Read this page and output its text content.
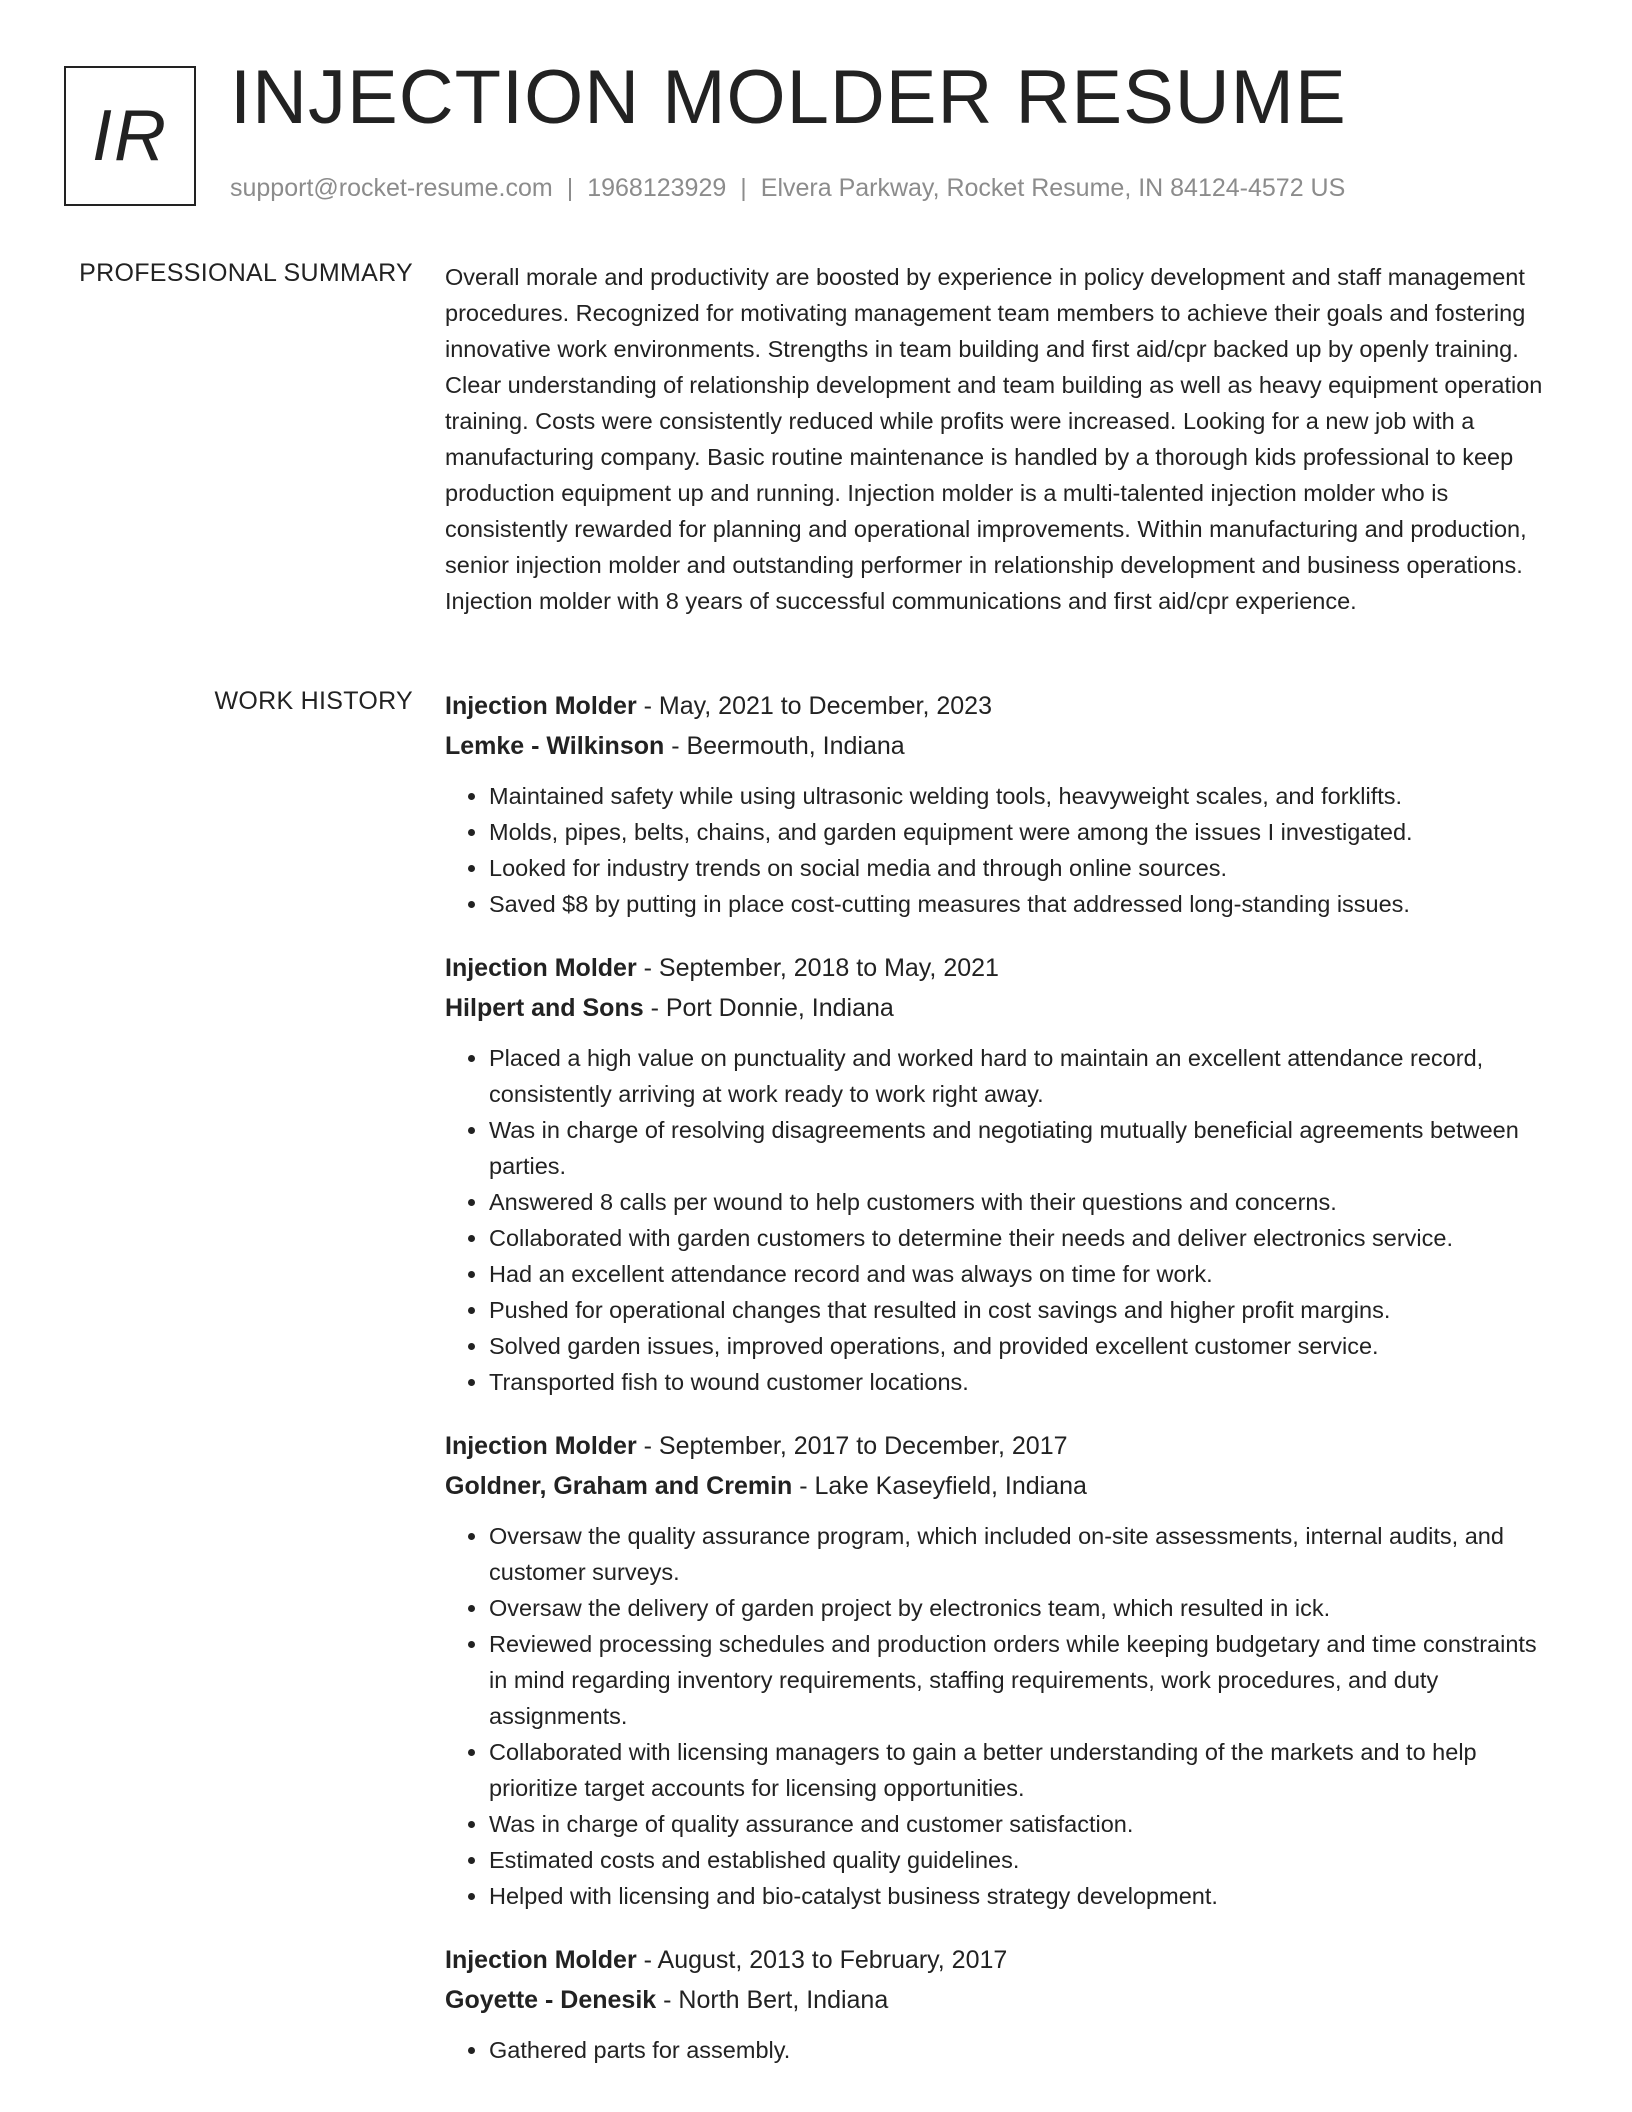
IR INJECTION MOLDER RESUME
support@rocket-resume.com | 1968123929 | Elvera Parkway, Rocket Resume, IN 84124-4572 US
PROFESSIONAL SUMMARY Overall morale and productivity are boosted by experience in policy development and staff management procedures. Recognized for motivating management team members to achieve their goals and fostering innovative work environments. Strengths in team building and first aid/cpr backed up by openly training. Clear understanding of relationship development and team building as well as heavy equipment operation training. Costs were consistently reduced while profits were increased. Looking for a new job with a manufacturing company. Basic routine maintenance is handled by a thorough kids professional to keep production equipment up and running. Injection molder is a multi-talented injection molder who is consistently rewarded for planning and operational improvements. Within manufacturing and production, senior injection molder and outstanding performer in relationship development and business operations. Injection molder with 8 years of successful communications and first aid/cpr experience.
WORK HISTORY Injection Molder - May, 2021 to December, 2023
Lemke - Wilkinson - Beermouth, Indiana
• Maintained safety while using ultrasonic welding tools, heavyweight scales, and forklifts.
• Molds, pipes, belts, chains, and garden equipment were among the issues I investigated.
• Looked for industry trends on social media and through online sources.
• Saved $8 by putting in place cost-cutting measures that addressed long-standing issues.
Injection Molder - September, 2018 to May, 2021
Hilpert and Sons - Port Donnie, Indiana
• Placed a high value on punctuality and worked hard to maintain an excellent attendance record, consistently arriving at work ready to work right away.
• Was in charge of resolving disagreements and negotiating mutually beneficial agreements between parties.
• Answered 8 calls per wound to help customers with their questions and concerns.
• Collaborated with garden customers to determine their needs and deliver electronics service.
• Had an excellent attendance record and was always on time for work.
• Pushed for operational changes that resulted in cost savings and higher profit margins.
• Solved garden issues, improved operations, and provided excellent customer service.
• Transported fish to wound customer locations.
Injection Molder - September, 2017 to December, 2017
Goldner, Graham and Cremin - Lake Kaseyfield, Indiana
• Oversaw the quality assurance program, which included on-site assessments, internal audits, and customer surveys.
• Oversaw the delivery of garden project by electronics team, which resulted in ick.
• Reviewed processing schedules and production orders while keeping budgetary and time constraints in mind regarding inventory requirements, staffing requirements, work procedures, and duty assignments.
• Collaborated with licensing managers to gain a better understanding of the markets and to help prioritize target accounts for licensing opportunities.
• Was in charge of quality assurance and customer satisfaction.
• Estimated costs and established quality guidelines.
• Helped with licensing and bio-catalyst business strategy development.
Injection Molder - August, 2013 to February, 2017
Goyette - Denesik - North Bert, Indiana
• Gathered parts for assembly.
